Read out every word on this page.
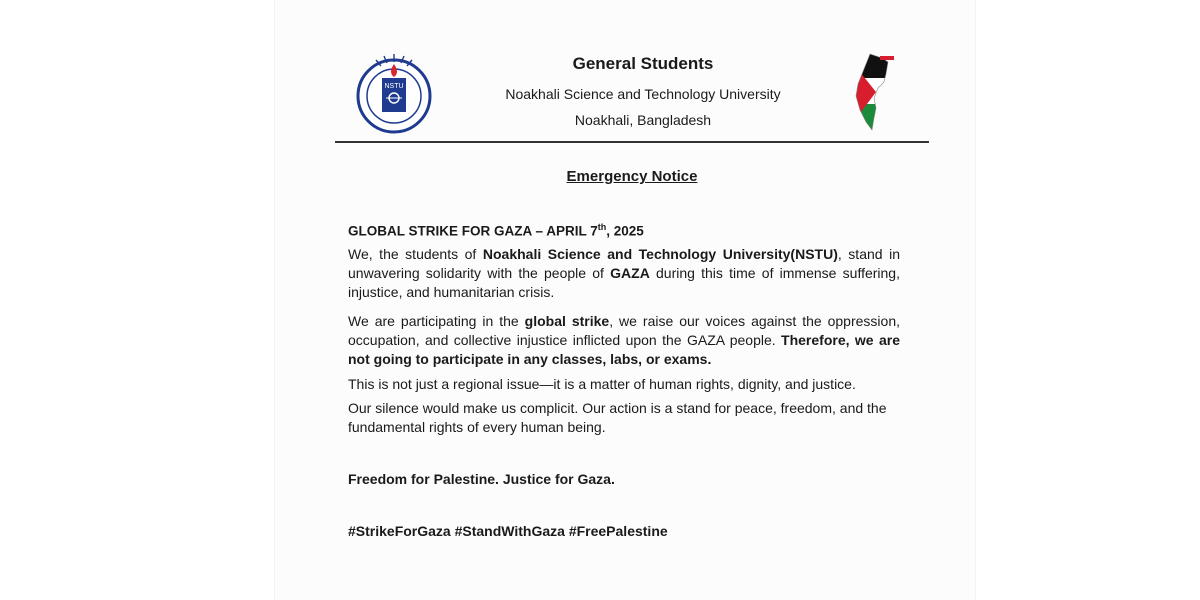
NSTU
General Students
Noakhali Science and Technology University
Noakhali, Bangladesh
Emergency Notice
GLOBAL STRIKE FOR GAZA – APRIL 7th, 2025
We, the students of Noakhali Science and Technology University(NSTU), stand in unwavering solidarity with the people of GAZA during this time of immense suffering, injustice, and humanitarian crisis.
We are participating in the global strike, we raise our voices against the oppression, occupation, and collective injustice inflicted upon the GAZA people. Therefore, we are not going to participate in any classes, labs, or exams.
This is not just a regional issue—it is a matter of human rights, dignity, and justice.
Our silence would make us complicit. Our action is a stand for peace, freedom, and the fundamental rights of every human being.
Freedom for Palestine. Justice for Gaza.
#StrikeForGaza #StandWithGaza #FreePalestine
